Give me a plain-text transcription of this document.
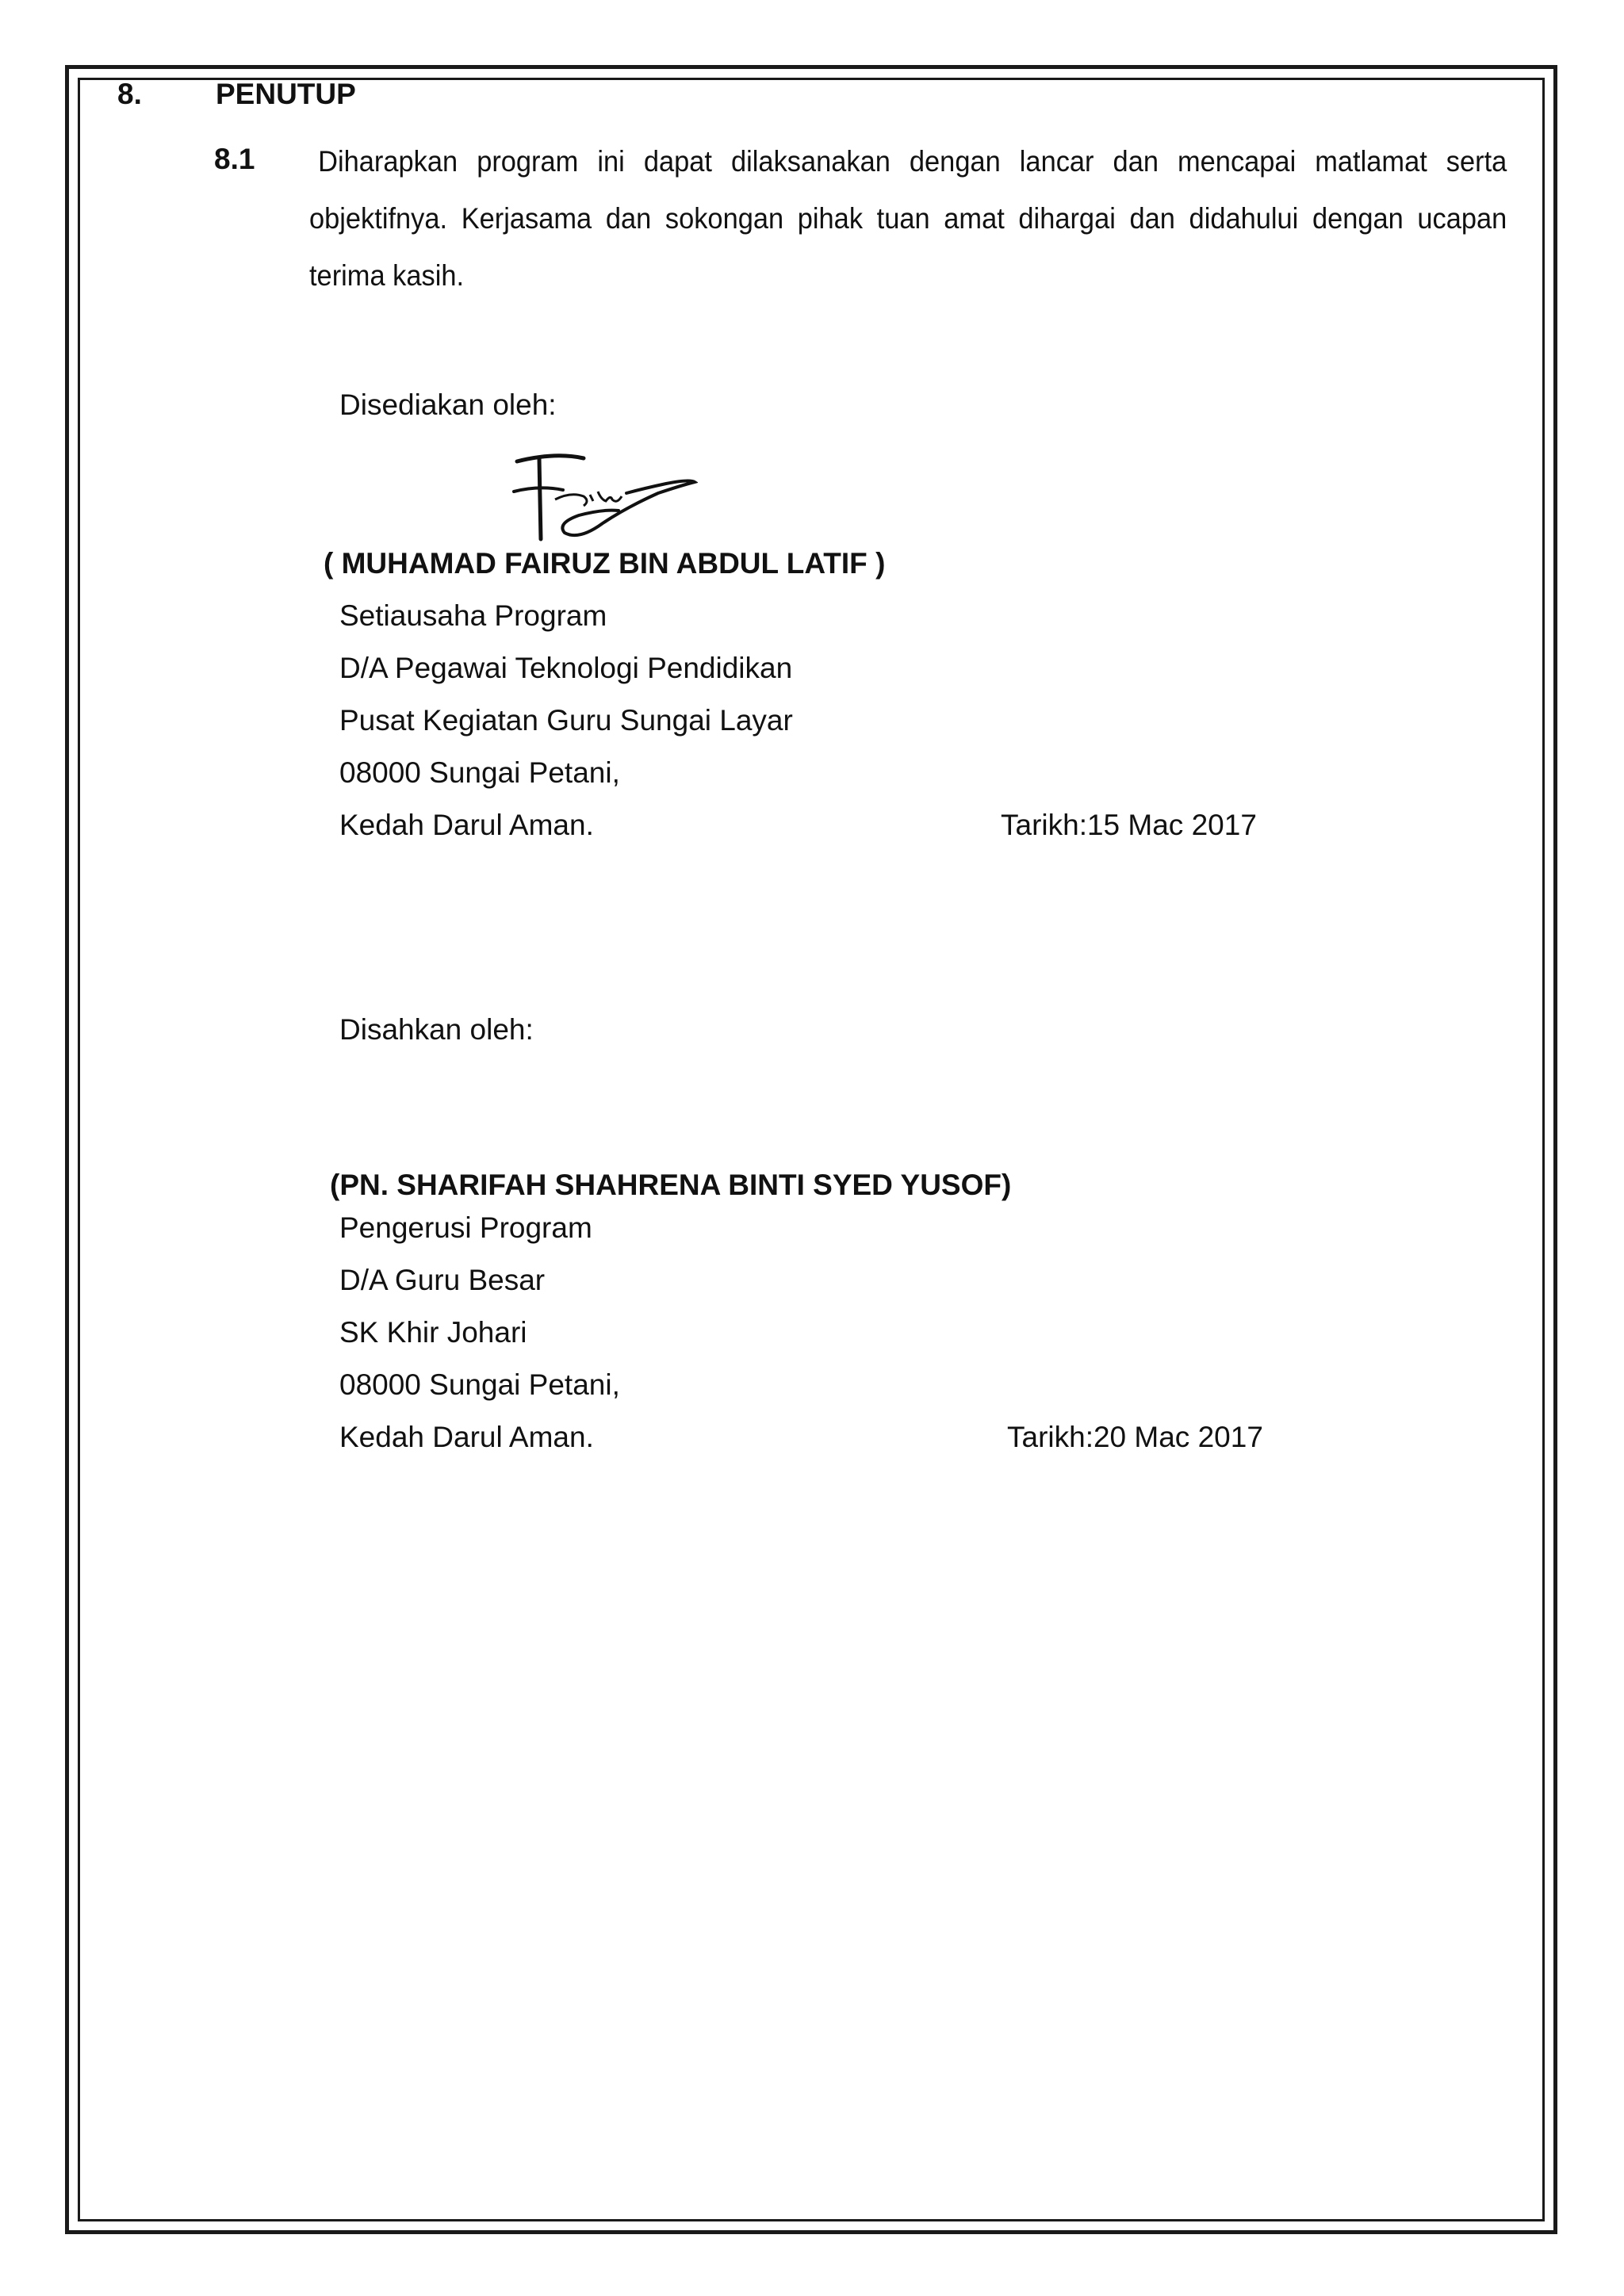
8.	PENUTUP
8.1	Diharapkan program ini dapat dilaksanakan dengan lancar dan mencapai matlamat serta objektifnya. Kerjasama dan sokongan pihak tuan amat dihargai dan didahului dengan ucapan terima kasih.
Disediakan oleh:
( MUHAMAD FAIRUZ BIN ABDUL LATIF )
Setiausaha Program
D/A Pegawai Teknologi Pendidikan
Pusat Kegiatan Guru Sungai Layar
08000 Sungai Petani,
Kedah Darul Aman.	Tarikh:15 Mac 2017
Disahkan oleh:
(PN. SHARIFAH SHAHRENA BINTI SYED YUSOF)
Pengerusi Program
D/A Guru Besar
SK Khir Johari
08000 Sungai Petani,
Kedah Darul Aman.	Tarikh:20 Mac 2017
